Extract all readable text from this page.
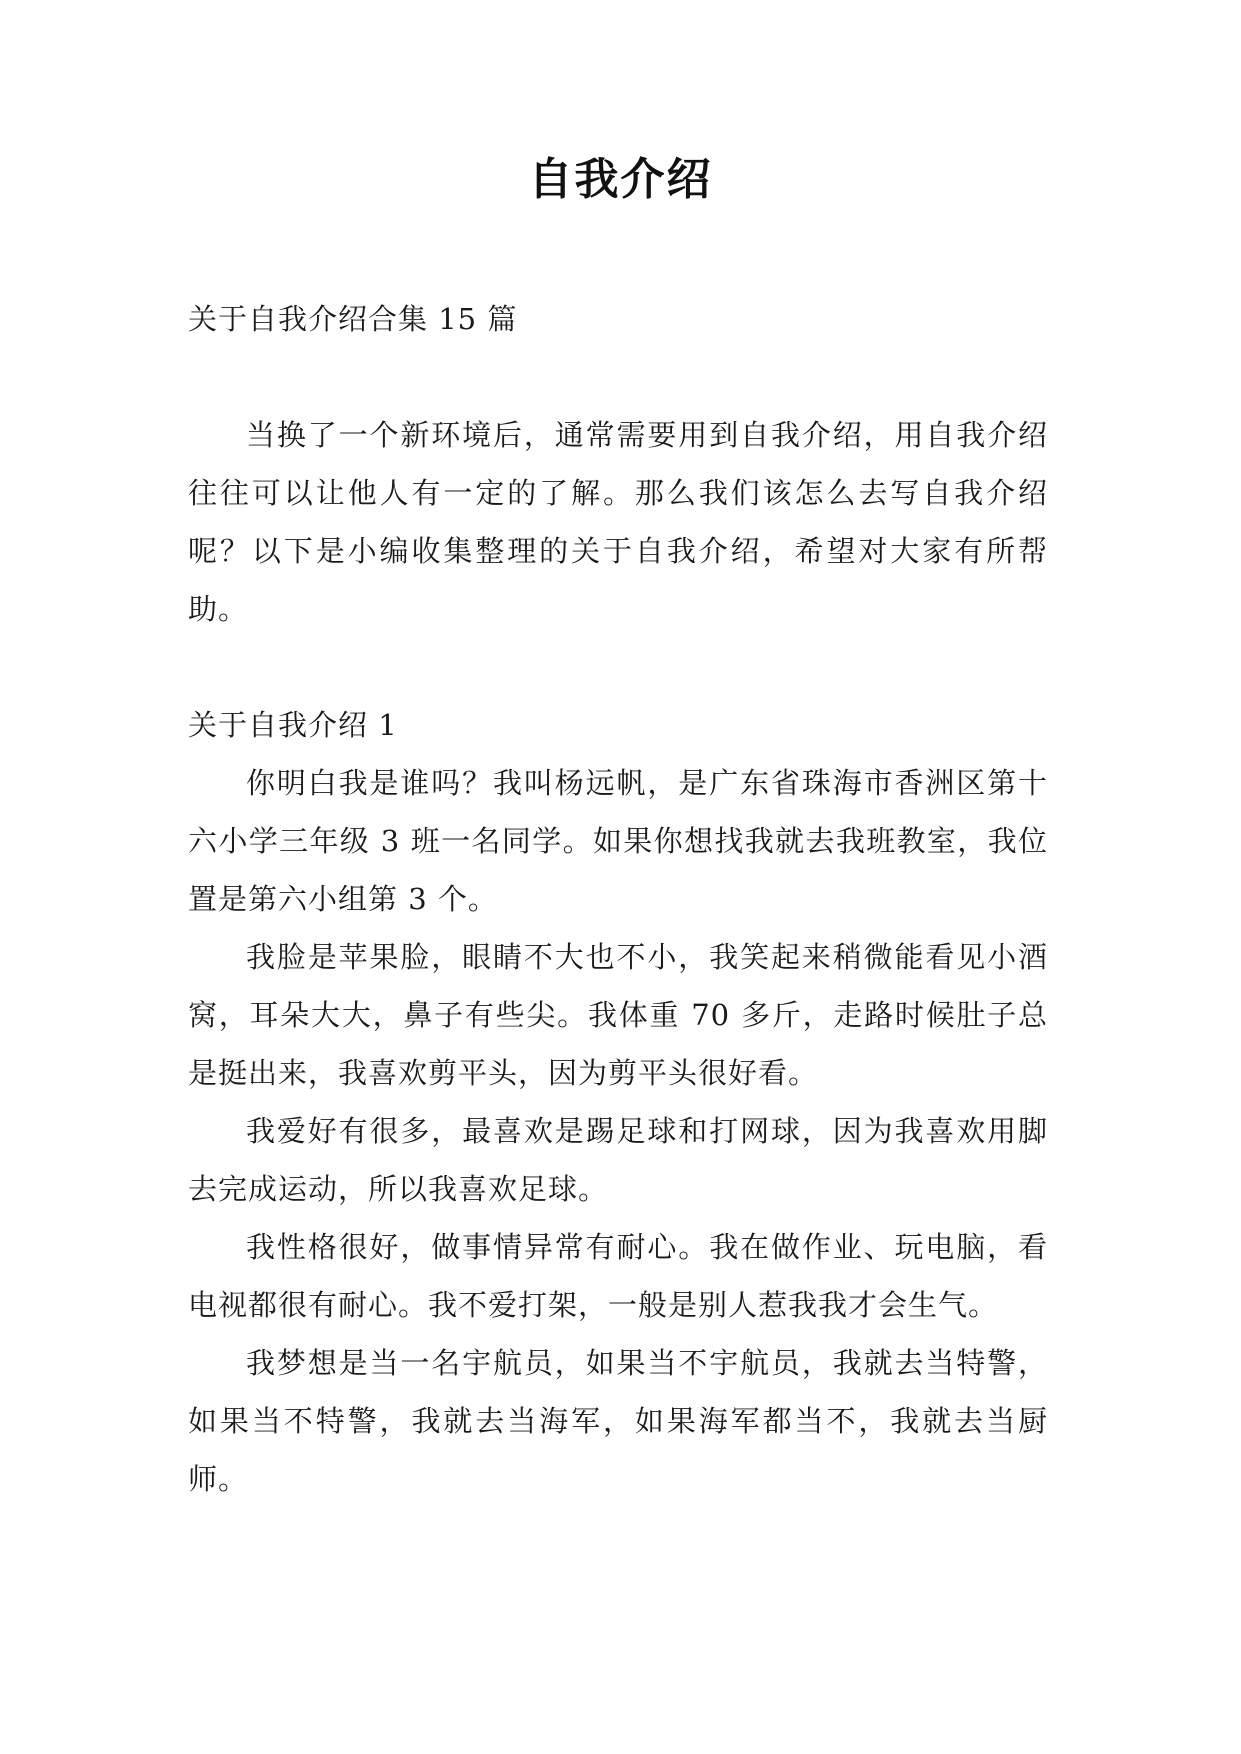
自我介绍

关于自我介绍合集 15 篇

当换了一个新环境后，通常需要用到自我介绍，用自我介绍往往可以让他人有一定的了解。那么我们该怎么去写自我介绍呢？以下是小编收集整理的关于自我介绍，希望对大家有所帮助。

关于自我介绍 1

你明白我是谁吗？我叫杨远帆，是广东省珠海市香洲区第十六小学三年级 3 班一名同学。如果你想找我就去我班教室，我位置是第六小组第 3 个。

我脸是苹果脸，眼睛不大也不小，我笑起来稍微能看见小酒窝，耳朵大大，鼻子有些尖。我体重 70 多斤，走路时候肚子总是挺出来，我喜欢剪平头，因为剪平头很好看。

我爱好有很多，最喜欢是踢足球和打网球，因为我喜欢用脚去完成运动，所以我喜欢足球。

我性格很好，做事情异常有耐心。我在做作业、玩电脑，看电视都很有耐心。我不爱打架，一般是别人惹我我才会生气。

我梦想是当一名宇航员，如果当不宇航员，我就去当特警，如果当不特警，我就去当海军，如果海军都当不，我就去当厨师。
